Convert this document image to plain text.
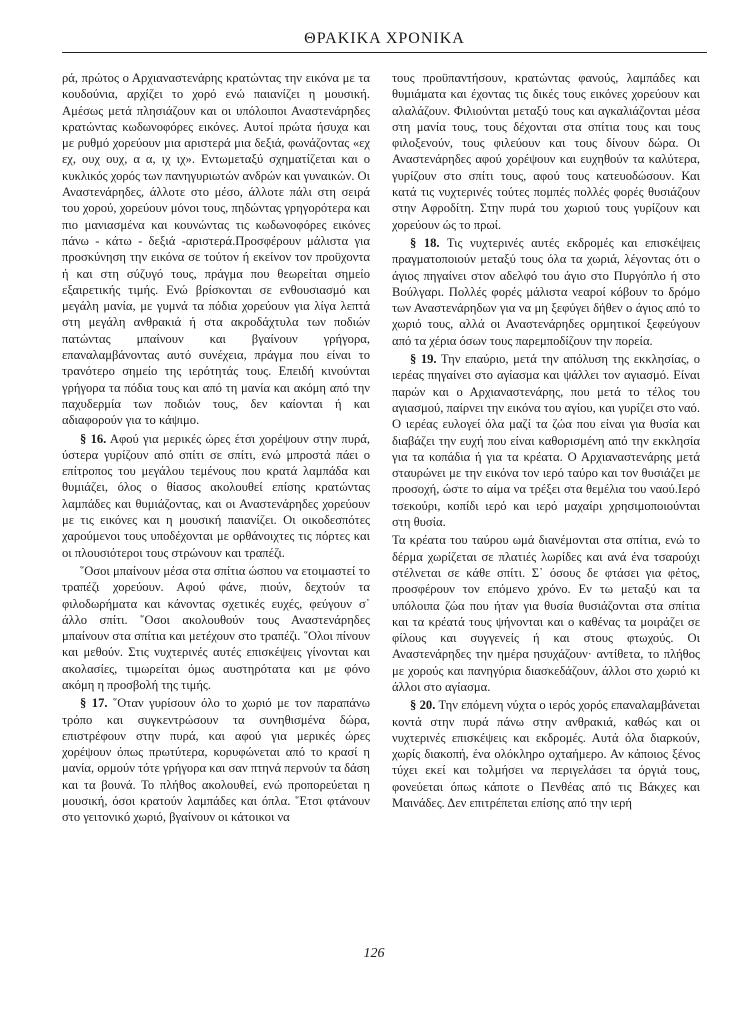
ΘΡΑΚΙΚΑ ΧΡΟΝΙΚΑ

ρά, πρώτος ο Αρχιαναστενάρης κρατώντας την εικόνα με τα κουδούνια, αρχίζει το χορό ενώ παιανίζει η μουσική. Αμέσως μετά πλησιάζουν και οι υπόλοιποι Αναστενάρηδες κρατώντας κωδωνοφόρες εικόνες. Αυτοί πρώτα ήσυχα και με ρυθμό χορεύουν μια αριστερά μια δεξιά, φωνάζοντας «εχ εχ, ουχ ουχ, α α, ιχ ιχ». Εντωμεταξύ σχηματίζεται και ο κυκλικός χορός των πανηγυριωτών ανδρών και γυναικών. Οι Αναστενάρηδες, άλλοτε στο μέσο, άλλοτε πάλι στη σειρά του χορού, χορεύουν μόνοι τους, πηδώντας γρηγορότερα και πιο μανιασμένα και κουνώντας τις κωδωνοφόρες εικόνες πάνω - κάτω - δεξιά -αριστερά.Προσφέρουν μάλιστα για προσκύνηση την εικόνα σε τούτον ή εκείνον τον προϋχοντα ή και στη σύζυγό τους, πράγμα που θεωρείται σημείο εξαιρετικής τιμής. Ενώ βρίσκονται σε ενθουσιασμό και μεγάλη μανία, με γυμνά τα πόδια χορεύουν για λίγα λεπτά στη μεγάλη ανθρακιά ή στα ακροδάχτυλα των ποδιών πατώντας μπαίνουν και βγαίνουν γρήγορα, επαναλαμβάνοντας αυτό συνέχεια, πράγμα που είναι το τρανότερο σημείο της ιερότητάς τους. Επειδή κινούνται γρήγορα τα πόδια τους και από τη μανία και ακόμη από την παχυδερμία των ποδιών τους, δεν καίονται ή και αδιαφορούν για το κάψιμο.

§ 16. Αφού για μερικές ώρες έτσι χορέψουν στην πυρά, ύστερα γυρίζουν από σπίτι σε σπίτι, ενώ μπροστά πάει ο επίτροπος του μεγάλου τεμένους που κρατά λαμπάδα και θυμιάζει, όλος ο θίασος ακολουθεί επίσης κρατώντας λαμπάδες και θυμιάζοντας, και οι Αναστενάρηδες χορεύουν με τις εικόνες και η μουσική παιανίζει. Οι οικοδεσπότες χαρούμενοι τους υποδέχονται με ορθάνοιχτες τις πόρτες και οι πλουσιότεροι τους στρώνουν και τραπέζι.

῞Οσοι μπαίνουν μέσα στα σπίτια ώσπου να ετοιμαστεί το τραπέζι χορεύουν. Αφού φάνε, πιούν, δεχτούν τα φιλοδωρήματα και κάνοντας σχετικές ευχές, φεύγουν σ᾽ άλλο σπίτι. ῞Οσοι ακολουθούν τους Αναστενάρηδες μπαίνουν στα σπίτια και μετέχουν στο τραπέζι. ῞Ολοι πίνουν και μεθούν. Στις νυχτερινές αυτές επισκέψεις γίνονται και ακολασίες, τιμωρείται όμως αυστηρότατα και με φόνο ακόμη η προσβολή της τιμής.

§ 17. ῞Οταν γυρίσουν όλο το χωριό με τον παραπάνω τρόπο και συγκεντρώσουν τα συνηθισμένα δώρα, επιστρέφουν στην πυρά, και αφού για μερικές ώρες χορέψουν όπως πρωτύτερα, κορυφώνεται από το κρασί η μανία, ορμούν τότε γρήγορα και σαν πτηνά περνούν τα δάση και τα βουνά. Το πλήθος ακολουθεί, ενώ προπορεύεται η μουσική, όσοι κρατούν λαμπάδες και όπλα. ῞Ετσι φτάνουν στο γειτονικό χωριό, βγαίνουν οι κάτοικοι να

τους προϋπαντήσουν, κρατώντας φανούς, λαμπάδες και θυμιάματα και έχοντας τις δικές τους εικόνες χορεύουν και αλαλάζουν. Φιλιούνται μεταξύ τους και αγκαλιάζονται μέσα στη μανία τους, τους δέχονται στα σπίτια τους και τους φιλοξενούν, τους φιλεύουν και τους δίνουν δώρα. Οι Αναστενάρηδες αφού χορέψουν και ευχηθούν τα καλύτερα, γυρίζουν στο σπίτι τους, αφού τους κατευοδώσουν. Και κατά τις νυχτερινές τούτες πομπές πολλές φορές θυσιάζουν στην Αφροδίτη. Στην πυρά του χωριού τους γυρίζουν και χορεύουν ώς το πρωί.

§ 18. Τις νυχτερινές αυτές εκδρομές και επισκέψεις πραγματοποιούν μεταξύ τους όλα τα χωριά, λέγοντας ότι ο άγιος πηγαίνει στον αδελφό του άγιο στο Πυργόπλο ή στο Βούλγαρι. Πολλές φορές μάλιστα νεαροί κόβουν το δρόμο των Αναστενάρηδων για να μη ξεφύγει δήθεν ο άγιος από το χωριό τους, αλλά οι Αναστενάρηδες ορμητικοί ξεφεύγουν από τα χέρια όσων τους παρεμποδίζουν την πορεία.

§ 19. Την επαύριο, μετά την απόλυση της εκκλησίας, ο ιερέας πηγαίνει στο αγίασμα και ψάλλει τον αγιασμό. Είναι παρών και ο Αρχιαναστενάρης, που μετά το τέλος του αγιασμού, παίρνει την εικόνα του αγίου, και γυρίζει στο ναό. Ο ιερέας ευλογεί όλα μαζί τα ζώα που είναι για θυσία και διαβάζει την ευχή που είναι καθορισμένη από την εκκλησία για τα κοπάδια ή για τα κρέατα. Ο Αρχιαναστενάρης μετά σταυρώνει με την εικόνα τον ιερό ταύρο και τον θυσιάζει με προσοχή, ώστε το αίμα να τρέξει στα θεμέλια του ναού.Ιερό τσεκούρι, κοπίδι ιερό και ιερό μαχαίρι χρησιμοποιούνται στη θυσία.

Τα κρέατα του ταύρου ωμά διανέμονται στα σπίτια, ενώ το δέρμα χωρίζεται σε πλατιές λωρίδες και ανά ένα τσαρούχι στέλνεται σε κάθε σπίτι. Σ᾽ όσους δε φτάσει για φέτος, προσφέρουν τον επόμενο χρόνο. Εν τω μεταξύ και τα υπόλοιπα ζώα που ήταν για θυσία θυσιάζονται στα σπίτια και τα κρέατά τους ψήνονται και ο καθένας τα μοιράζει σε φίλους και συγγενείς ή και στους φτωχούς. Οι Αναστενάρηδες την ημέρα ησυχάζουν· αντίθετα, το πλήθος με χορούς και πανηγύρια διασκεδάζουν, άλλοι στο χωριό κι άλλοι στο αγίασμα.

§ 20. Την επόμενη νύχτα ο ιερός χορός επαναλαμβάνεται κοντά στην πυρά πάνω στην ανθρακιά, καθώς και οι νυχτερινές επισκέψεις και εκδρομές. Αυτά όλα διαρκούν, χωρίς διακοπή, ένα ολόκληρο οχταήμερο. Αν κάποιος ξένος τύχει εκεί και τολμήσει να περιγελάσει τα όργιά τους, φονεύεται όπως κάποτε ο Πενθέας από τις Βάκχες και Μαινάδες. Δεν επιτρέπεται επίσης από την ιερή

126
